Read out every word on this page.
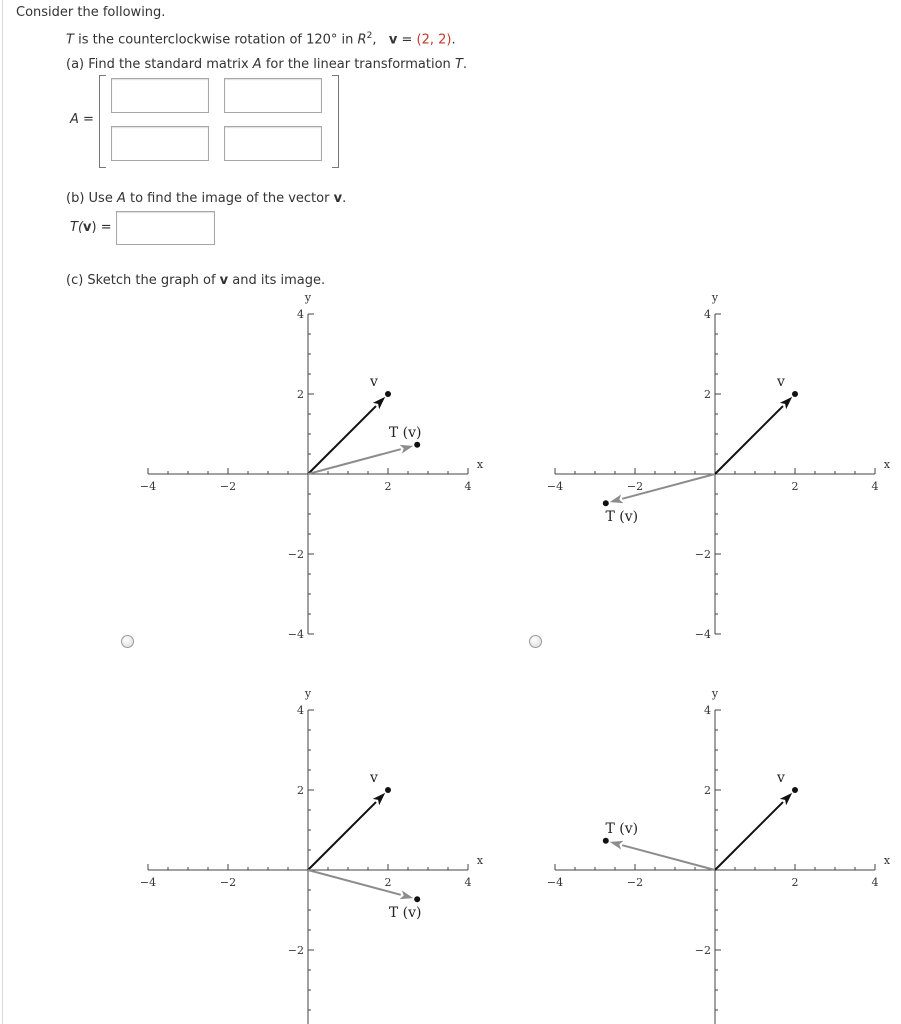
Consider the following.
T is the counterclockwise rotation of 120° in $R^2$, v = (2, 2).
(a) Find the standard matrix A for the linear transformation T.
A =
(b) Use A to find the image of the vector v.
T(v) =
(c) Sketch the graph of v and its image.
−4	−2	2	4
4
2
−2
−4
x
y
v
T (v)
−4	−2	2	4
4
2
−2
−4
x
y
v
T (v)
−4	−2	2	4
4
2
−2
x
y
v
T (v)
−4	−2	2	4
4
2
−2
x
y
v
T (v)
